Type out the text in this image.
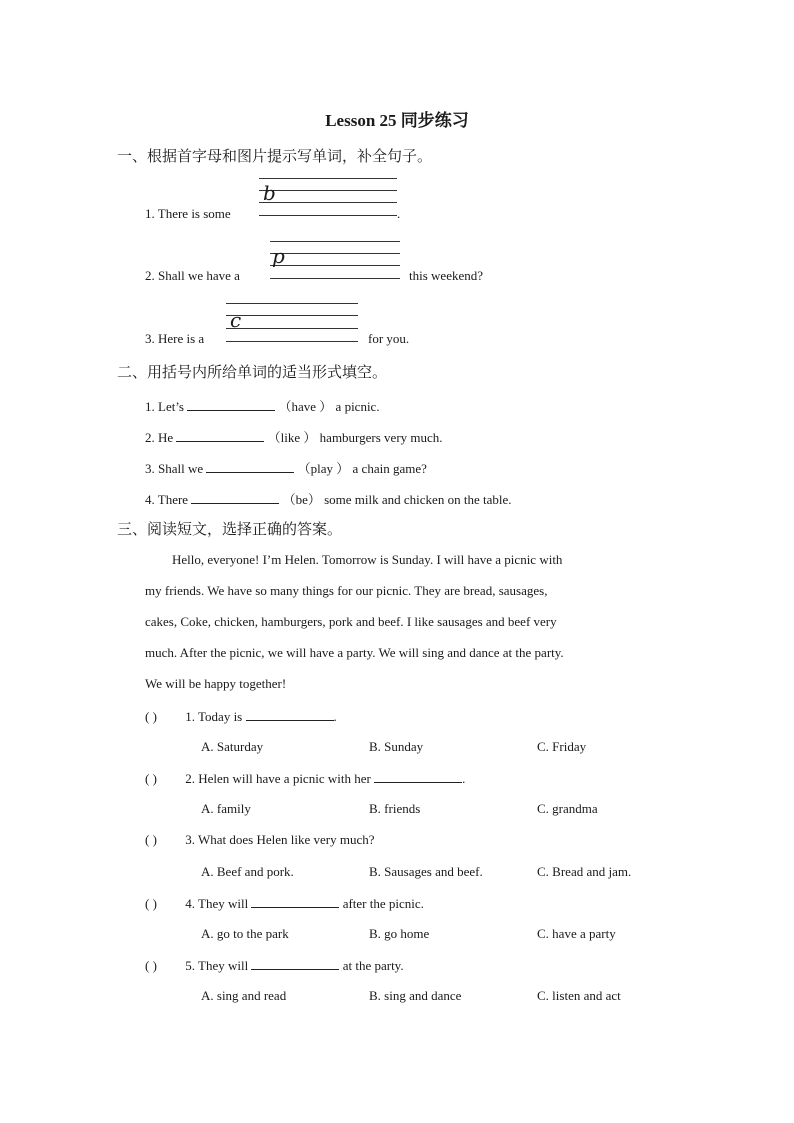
Lesson 25 同步练习
一、根据首字母和图片提示写单词，补全句子。
1. There is some
b
.
2. Shall we have a
p
this weekend?
3. Here is a
c
for you.
二、用括号内所给单词的适当形式填空。
1. Let’s	（have ） a picnic.
2. He	（like ） hamburgers very much.
3. Shall we	（play ） a chain game?
4. There	（be） some milk and chicken on the table.
三、阅读短文，选择正确的答案。
Hello, everyone! I’m Helen. Tomorrow is Sunday. I will have a picnic with
my friends. We have so many things for our picnic. They are bread, sausages,
cakes, Coke, chicken, hamburgers, pork and beef. I like sausages and beef very
much. After the picnic, we will have a party. We will sing and dance at the party.
We will be happy together!
( ) 1. Today is	.
A. Saturday	B. Sunday	C. Friday
( ) 2. Helen will have a picnic with her	.
A. family	B. friends	C. grandma
( ) 3. What does Helen like very much?
A. Beef and pork.	B. Sausages and beef.	C. Bread and jam.
( ) 4. They will	after the picnic.
A. go to the park	B. go home	C. have a party
( ) 5. They will	at the party.
A. sing and read	B. sing and dance	C. listen and act
